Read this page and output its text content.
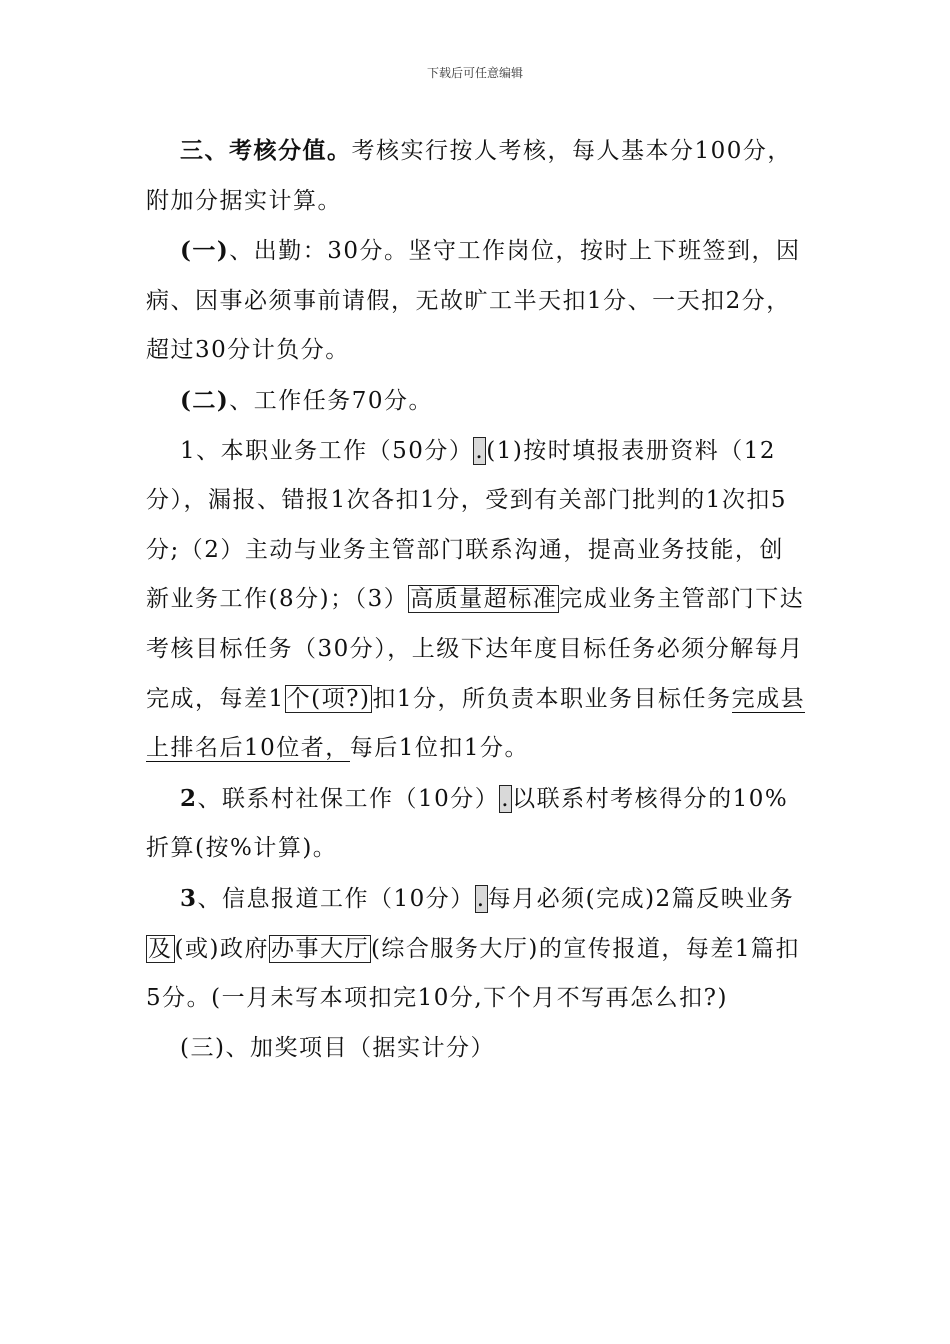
下载后可任意编辑

三、考核分值。考核实行按人考核，每人基本分100分，附加分据实计算。

(一)、出勤：30分。坚守工作岗位，按时上下班签到，因病、因事必须事前请假，无故旷工半天扣1分、一天扣2分，超过30分计负分。

(二)、工作任务70分。

1、本职业务工作（50分）.(1)按时填报表册资料（12分），漏报、错报1次各扣1分，受到有关部门批判的1次扣5分;（2）主动与业务主管部门联系沟通，提高业务技能，创新业务工作(8分)；（3）高质量超标准完成业务主管部门下达考核目标任务（30分），上级下达年度目标任务必须分解每月完成，每差1个(项?)扣1分，所负责本职业务目标任务完成县上排名后10位者，每后1位扣1分。

2、联系村社保工作（10分）.以联系村考核得分的10%折算(按%计算)。

3、信息报道工作（10分）.每月必须(完成)2篇反映业务及(或)政府办事大厅(综合服务大厅)的宣传报道，每差1篇扣5分。(一月未写本项扣完10分,下个月不写再怎么扣?)

(三)、加奖项目（据实计分）
